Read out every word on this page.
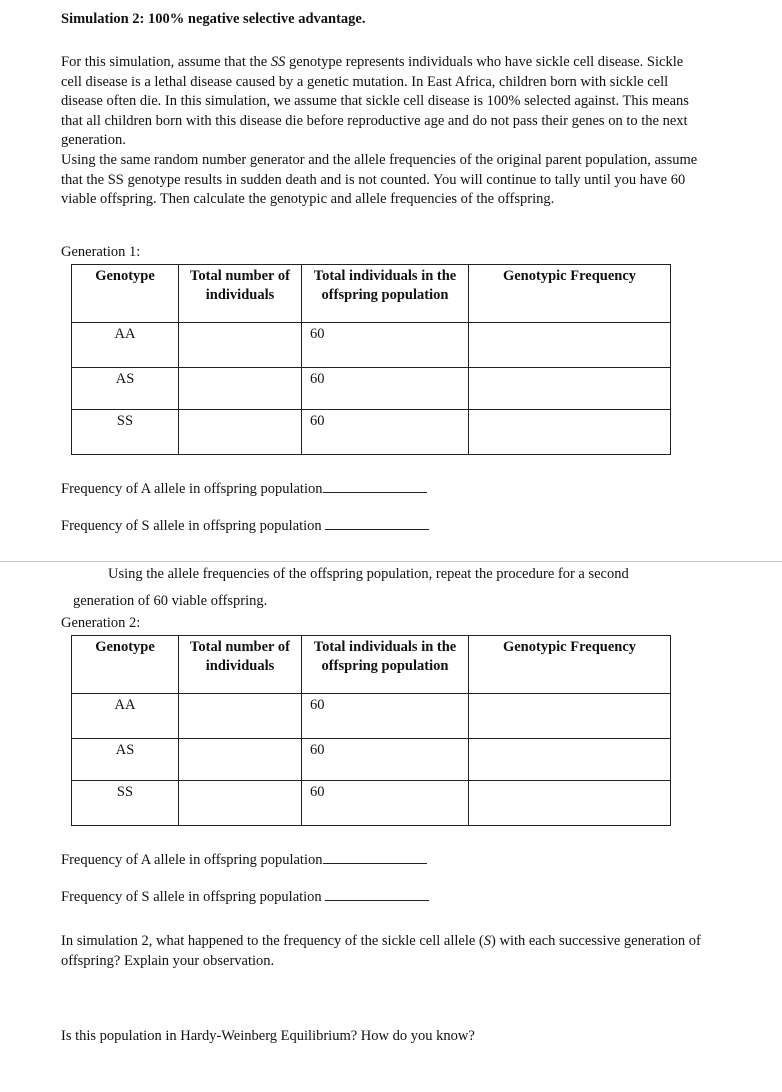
Simulation 2: 100% negative selective advantage.

For this simulation, assume that the SS genotype represents individuals who have sickle cell disease. Sickle cell disease is a lethal disease caused by a genetic mutation. In East Africa, children born with sickle cell disease often die. In this simulation, we assume that sickle cell disease is 100% selected against. This means that all children born with this disease die before reproductive age and do not pass their genes on to the next generation.

Using the same random number generator and the allele frequencies of the original parent population, assume that the SS genotype results in sudden death and is not counted. You will continue to tally until you have 60 viable offspring. Then calculate the genotypic and allele frequencies of the offspring.

Generation 1:
Genotype	Total number of individuals	Total individuals in the offspring population	Genotypic Frequency
AA		60	
AS		60	
SS		60	
Frequency of A allele in offspring population
Frequency of S allele in offspring population
Using the allele frequencies of the offspring population, repeat the procedure for a second
generation of 60 viable offspring.
Generation 2:
Genotype	Total number of individuals	Total individuals in the offspring population	Genotypic Frequency
AA		60	
AS		60	
SS		60	
Frequency of A allele in offspring population
Frequency of S allele in offspring population
In simulation 2, what happened to the frequency of the sickle cell allele (S) with each successive generation of offspring? Explain your observation.
Is this population in Hardy-Weinberg Equilibrium? How do you know?
